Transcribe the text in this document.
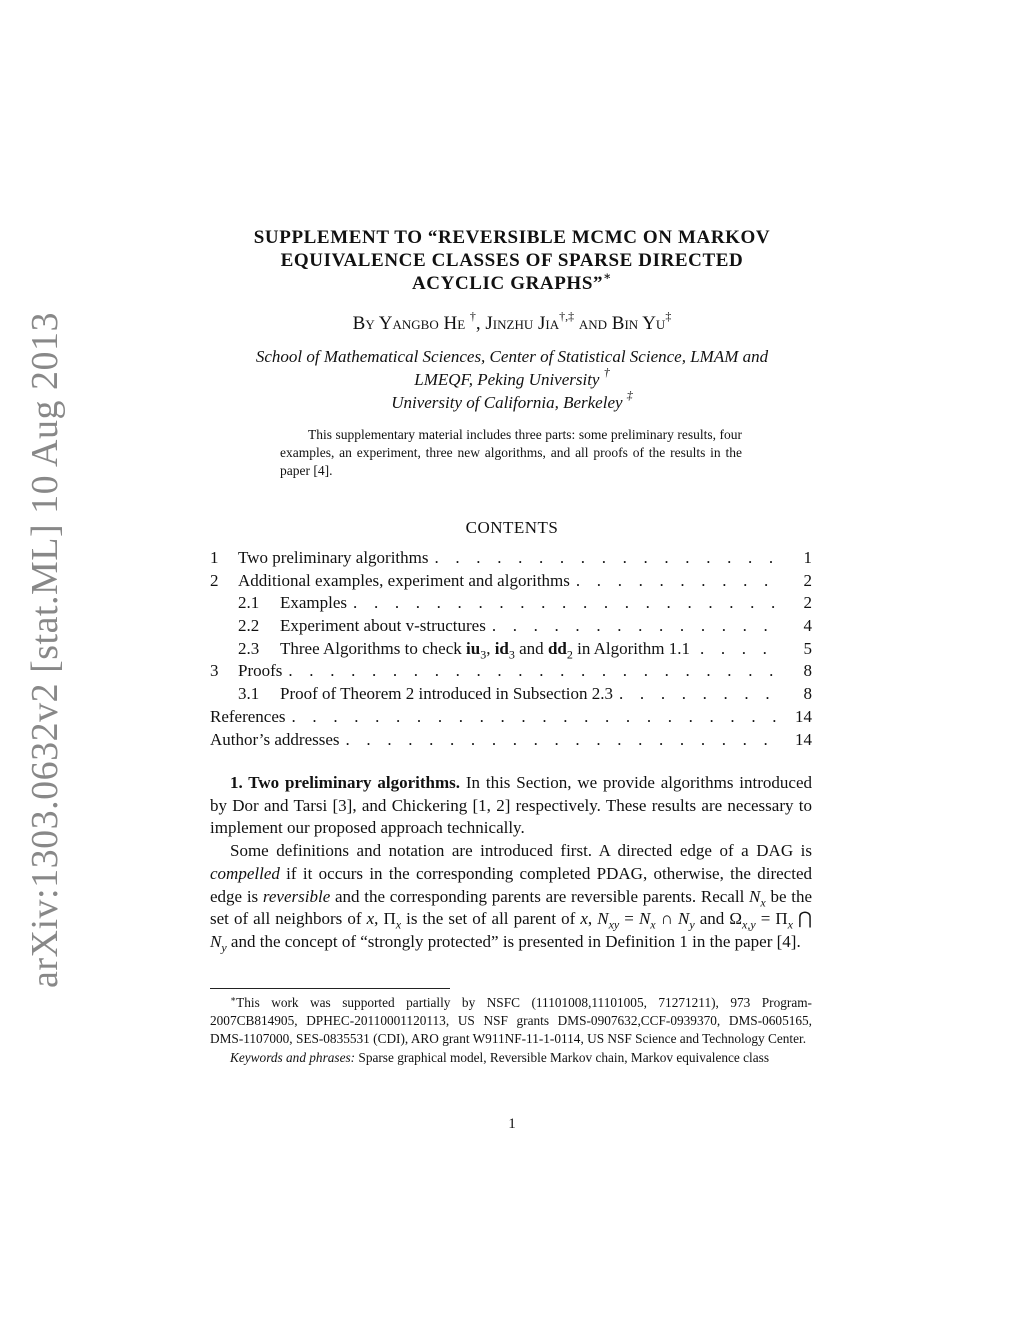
arXiv:1303.0632v2 [stat.ML] 10 Aug 2013
SUPPLEMENT TO “REVERSIBLE MCMC ON MARKOV
EQUIVALENCE CLASSES OF SPARSE DIRECTED
ACYCLIC GRAPHS”∗
By Yangbo He †, Jinzhu Jia†,‡ and Bin Yu‡
School of Mathematical Sciences, Center of Statistical Science, LMAM and
LMEQF, Peking University †
University of California, Berkeley ‡
This supplementary material includes three parts: some preliminary results, four examples, an experiment, three new algorithms, and all proofs of the results in the paper [4].
CONTENTS
1	Two preliminary algorithms . . .	1
2	Additional examples, experiment and algorithms . . .	2
2.1	Examples . . .	2
2.2	Experiment about v-structures . . .	4
2.3	Three Algorithms to check $iu_3$, $id_3$ and $dd_2$ in Algorithm 1.1 . . .	5
3	Proofs . . .	8
3.1	Proof of Theorem 2 introduced in Subsection 2.3 . . .	8
References . . .	14
Author’s addresses . . .	14

1. Two preliminary algorithms. In this Section, we provide algorithms introduced by Dor and Tarsi [3], and Chickering [1, 2] respectively. These results are necessary to implement our proposed approach technically.

Some definitions and notation are introduced first. A directed edge of a DAG is compelled if it occurs in the corresponding completed PDAG, otherwise, the directed edge is reversible and the corresponding parents are reversible parents. Recall $N_x$ be the set of all neighbors of x, $\Pi_x$ is the set of all parent of x, $N_{xy} = N_x$ ∩ $N_y$ and $\Omega_{x,y} = \Pi_x$ ⋂ $N_y$ and the concept of “strongly protected” is presented in Definition 1 in the paper [4].

∗This work was supported partially by NSFC (11101008,11101005, 71271211), 973 Program-2007CB814905, DPHEC-20110001120113, US NSF grants DMS-0907632,CCF-0939370, DMS-0605165, DMS-1107000, SES-0835531 (CDI), ARO grant W911NF-11-1-0114, US NSF Science and Technology Center.

Keywords and phrases: Sparse graphical model, Reversible Markov chain, Markov equivalence class

1
